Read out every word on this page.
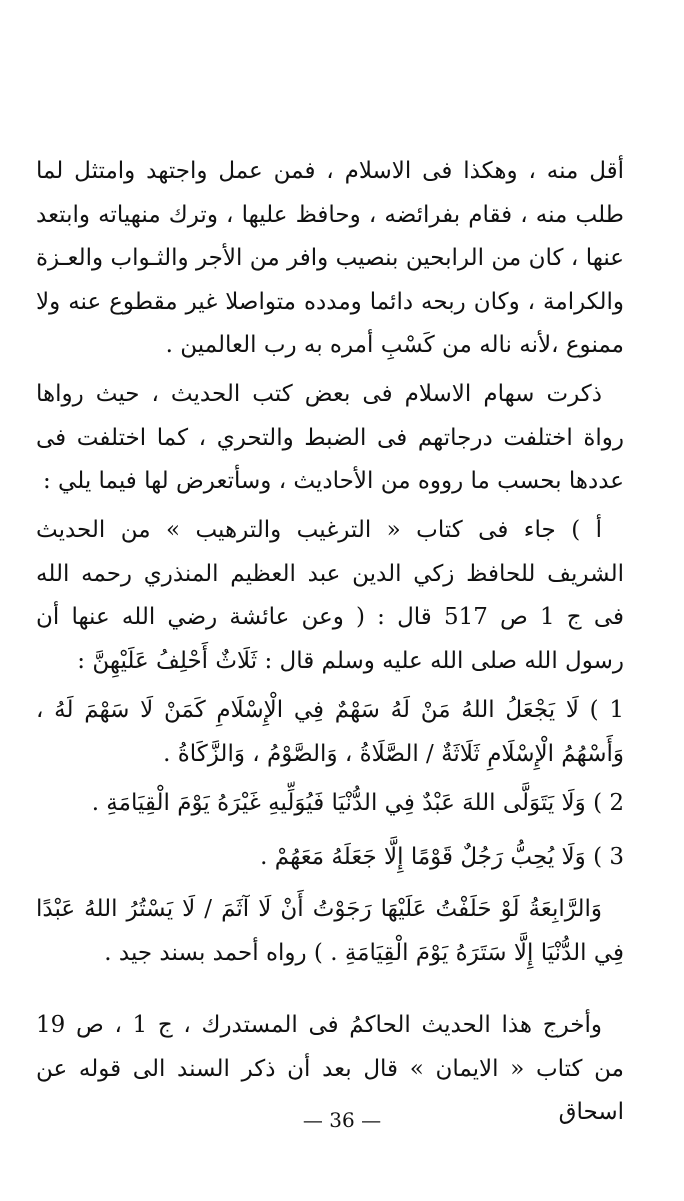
أقل منه ، وهكذا فى الاسلام ، فمن عمل واجتهد وامتثل لما طلب منه ، فقام بفرائضه ، وحافظ عليها ، وترك منهياته وابتعد عنها ، كان من الرابحين بنصيب وافر من الأجر والثـواب والعـزة والكرامة ، وكان ربحه دائما ومدده متواصلا غير مقطوع عنه ولا ممنوع ،لأنه ناله من كَسْبِ أمره به رب العالمين .

ذكرت سهام الاسلام فى بعض كتب الحديث ، حيث رواها رواة اختلفت درجاتهم فى الضبط والتحري ، كما اختلفت فى عددها بحسب ما رووه من الأحاديث ، وسأتعرض لها فيما يلي :

أ ) جاء فى كتاب « الترغيب والترهيب » من الحديث الشريف للحافظ زكي الدين عبد العظيم المنذري رحمه الله فى ج 1 ص 517 قال : ( وعن عائشة رضي الله عنها أن رسول الله صلى الله عليه وسلم قال : ثَلَاثٌ أَحْلِفُ عَلَيْهِنَّ :

1 ) لَا يَجْعَلُ اللهُ مَنْ لَهُ سَهْمٌ فِي الْإِسْلَامِ كَمَنْ لَا سَهْمَ لَهُ ، وَأَسْهُمُ الْإِسْلَامِ ثَلَاثَةٌ / الصَّلَاةُ ، وَالصَّوْمُ ، وَالزَّكَاةُ .

2 ) وَلَا يَتَوَلَّى اللهَ عَبْدٌ فِي الدُّنْيَا فَيُوَلِّيهِ غَيْرَهُ يَوْمَ الْقِيَامَةِ .

3 ) وَلَا يُحِبُّ رَجُلٌ قَوْمًا إِلَّا جَعَلَهُ مَعَهُمْ .

وَالرَّابِعَةُ لَوْ حَلَفْتُ عَلَيْهَا رَجَوْتُ أَنْ لَا آثَمَ / لَا يَسْتُرُ اللهُ عَبْدًا فِي الدُّنْيَا إِلَّا سَتَرَهُ يَوْمَ الْقِيَامَةِ . ) رواه أحمد بسند جيد .

وأخرج هذا الحديث الحاكمُ فى المستدرك ، ج 1 ، ص 19 من كتاب « الايمان » قال بعد أن ذكر السند الى قوله عن اسحاق

— 36 —
